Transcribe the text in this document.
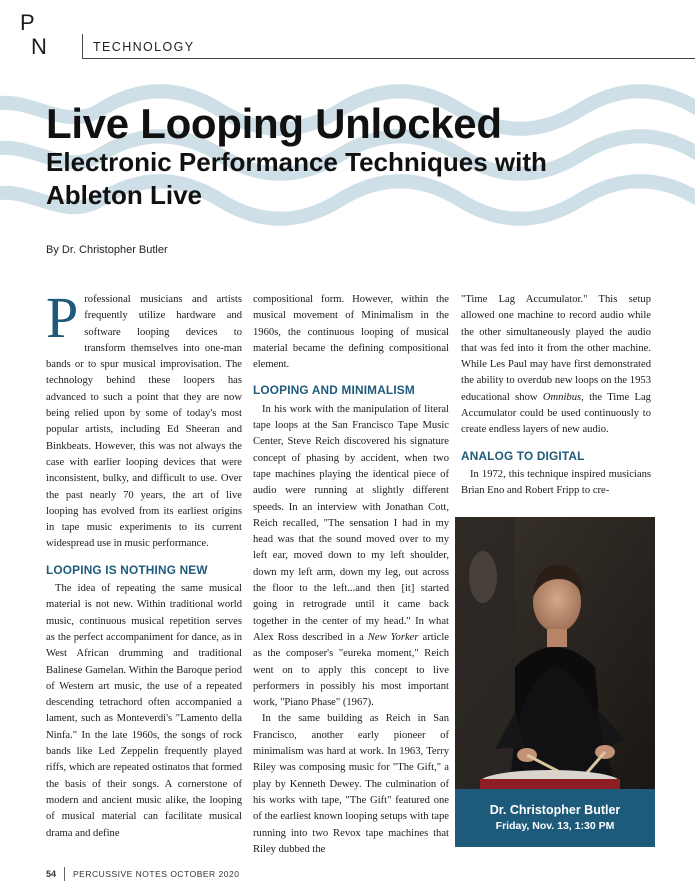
P
N	TECHNOLOGY
Live Looping Unlocked
Electronic Performance Techniques with Ableton Live
By Dr. Christopher Butler

Professional musicians and artists frequently utilize hardware and software looping devices to transform themselves into one-man bands or to spur musical improvisation. The technology behind these loopers has advanced to such a point that they are now being relied upon by some of today's most popular artists, including Ed Sheeran and Binkbeats. However, this was not always the case with earlier looping devices that were inconsistent, bulky, and difficult to use. Over the past nearly 70 years, the art of live looping has evolved from its earliest origins in tape music experiments to its current widespread use in music performance.

LOOPING IS NOTHING NEW

The idea of repeating the same musical material is not new. Within traditional world music, continuous musical repetition serves as the perfect accompaniment for dance, as in West African drumming and traditional Balinese Gamelan. Within the Baroque period of Western art music, the use of a repeated descending tetrachord often accompanied a lament, such as Monteverdi's "Lamento della Ninfa." In the late 1960s, the songs of rock bands like Led Zeppelin frequently played riffs, which are repeated ostinatos that formed the basis of their songs. A cornerstone of modern and ancient music alike, the looping of musical material can facilitate musical drama and define

compositional form. However, within the musical movement of Minimalism in the 1960s, the continuous looping of musical material became the defining compositional element.

LOOPING AND MINIMALISM

In his work with the manipulation of literal tape loops at the San Francisco Tape Music Center, Steve Reich discovered his signature concept of phasing by accident, when two tape machines playing the identical piece of audio were running at slightly different speeds. In an interview with Jonathan Cott, Reich recalled, "The sensation I had in my head was that the sound moved over to my left ear, moved down to my left shoulder, down my left arm, down my leg, out across the floor to the left...and then [it] started going in retrograde until it came back together in the center of my head." In what Alex Ross described in a New Yorker article as the composer's "eureka moment," Reich went on to apply this concept to live performers in possibly his most important work, "Piano Phase" (1967).

In the same building as Reich in San Francisco, another early pioneer of minimalism was hard at work. In 1963, Terry Riley was composing music for "The Gift," a play by Kenneth Dewey. The culmination of his works with tape, "The Gift" featured one of the earliest known looping setups with tape running into two Revox tape machines that Riley dubbed the

"Time Lag Accumulator." This setup allowed one machine to record audio while the other simultaneously played the audio that was fed into it from the other machine. While Les Paul may have first demonstrated the ability to overdub new loops on the 1953 educational show Omnibus, the Time Lag Accumulator could be used continuously to create endless layers of new audio.

ANALOG TO DIGITAL

In 1972, this technique inspired musicians Brian Eno and Robert Fripp to cre-

Dr. Christopher Butler
Friday, Nov. 13, 1:30 PM
54 PERCUSSIVE NOTES OCTOBER 2020
